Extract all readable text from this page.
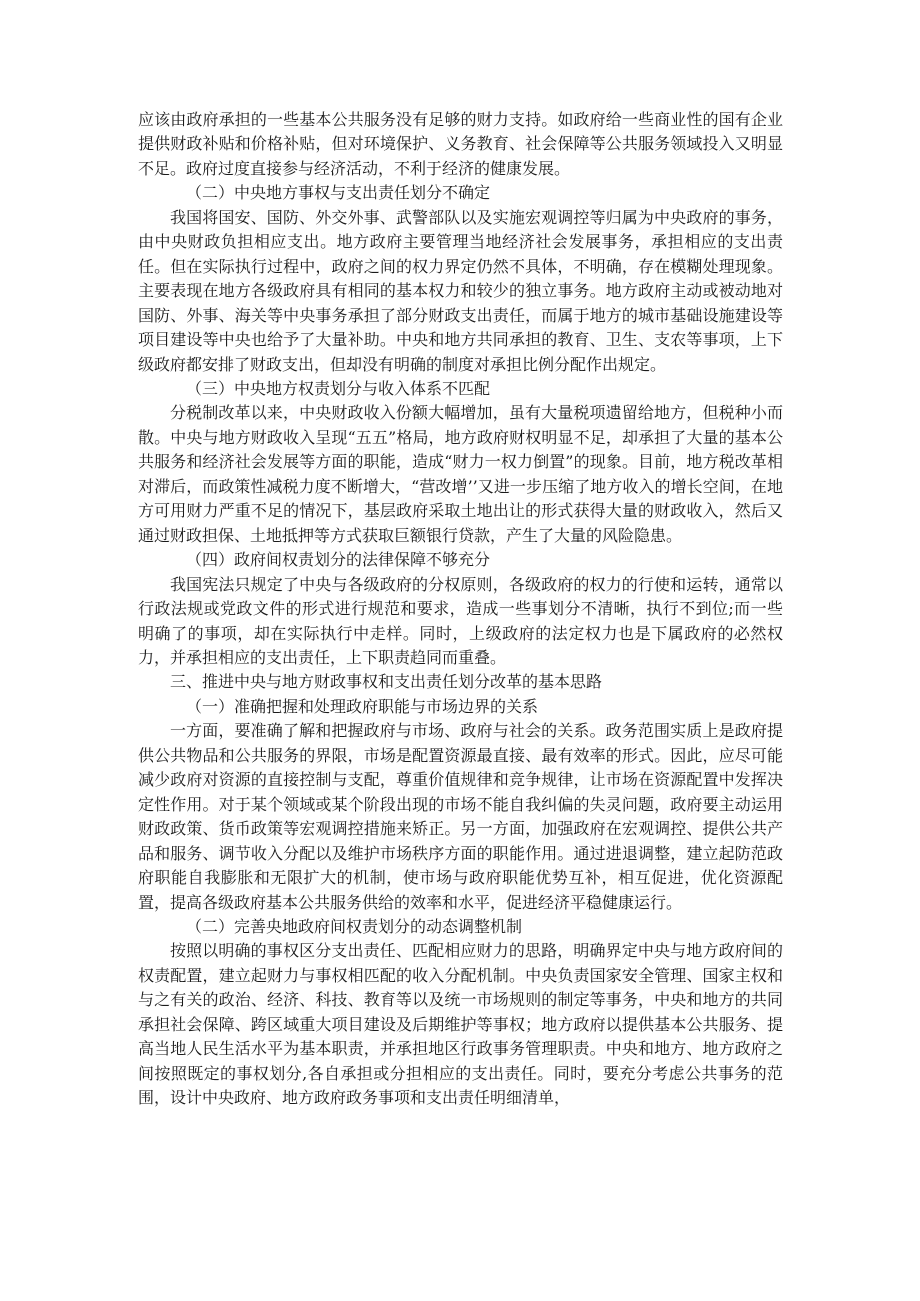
应该由政府承担的一些基本公共服务没有足够的财力支持。如政府给一些商业性的国有企业提供财政补贴和价格补贴，但对环境保护、义务教育、社会保障等公共服务领域投入又明显不足。政府过度直接参与经济活动，不利于经济的健康发展。

（二）中央地方事权与支出责任划分不确定

我国将国安、国防、外交外事、武警部队以及实施宏观调控等归属为中央政府的事务，由中央财政负担相应支出。地方政府主要管理当地经济社会发展事务，承担相应的支出责任。但在实际执行过程中，政府之间的权力界定仍然不具体，不明确，存在模糊处理现象。主要表现在地方各级政府具有相同的基本权力和较少的独立事务。地方政府主动或被动地对国防、外事、海关等中央事务承担了部分财政支出责任，而属于地方的城市基础设施建设等项目建设等中央也给予了大量补助。中央和地方共同承担的教育、卫生、支农等事项，上下级政府都安排了财政支出，但却没有明确的制度对承担比例分配作出规定。

（三）中央地方权责划分与收入体系不匹配

分税制改革以来，中央财政收入份额大幅增加，虽有大量税项遗留给地方，但税种小而散。中央与地方财政收入呈现“五五”格局，地方政府财权明显不足，却承担了大量的基本公共服务和经济社会发展等方面的职能，造成“财力一权力倒置”的现象。目前，地方税改革相对滞后，而政策性减税力度不断增大，“营改增’’又进一步压缩了地方收入的增长空间，在地方可用财力严重不足的情况下，基层政府采取土地出让的形式获得大量的财政收入，然后又通过财政担保、土地抵押等方式获取巨额银行贷款，产生了大量的风险隐患。

（四）政府间权责划分的法律保障不够充分

我国宪法只规定了中央与各级政府的分权原则，各级政府的权力的行使和运转，通常以行政法规或党政文件的形式进行规范和要求，造成一些事划分不清晰，执行不到位;而一些明确了的事项，却在实际执行中走样。同时，上级政府的法定权力也是下属政府的必然权力，并承担相应的支出责任，上下职责趋同而重叠。

三、推进中央与地方财政事权和支出责任划分改革的基本思路

（一）准确把握和处理政府职能与市场边界的关系

一方面，要准确了解和把握政府与市场、政府与社会的关系。政务范围实质上是政府提供公共物品和公共服务的界限，市场是配置资源最直接、最有效率的形式。因此，应尽可能减少政府对资源的直接控制与支配，尊重价值规律和竞争规律，让市场在资源配置中发挥决定性作用。对于某个领域或某个阶段出现的市场不能自我纠偏的失灵问题，政府要主动运用财政政策、货币政策等宏观调控措施来矫正。另一方面，加强政府在宏观调控、提供公共产品和服务、调节收入分配以及维护市场秩序方面的职能作用。通过进退调整，建立起防范政府职能自我膨胀和无限扩大的机制，使市场与政府职能优势互补，相互促进，优化资源配置，提高各级政府基本公共服务供给的效率和水平，促进经济平稳健康运行。

（二）完善央地政府间权责划分的动态调整机制

按照以明确的事权区分支出责任、匹配相应财力的思路，明确界定中央与地方政府间的权责配置，建立起财力与事权相匹配的收入分配机制。中央负责国家安全管理、国家主权和与之有关的政治、经济、科技、教育等以及统一市场规则的制定等事务，中央和地方的共同承担社会保障、跨区域重大项目建设及后期维护等事权；地方政府以提供基本公共服务、提高当地人民生活水平为基本职责，并承担地区行政事务管理职责。中央和地方、地方政府之间按照既定的事权划分,各自承担或分担相应的支出责任。同时，要充分考虑公共事务的范围，设计中央政府、地方政府政务事项和支出责任明细清单，
